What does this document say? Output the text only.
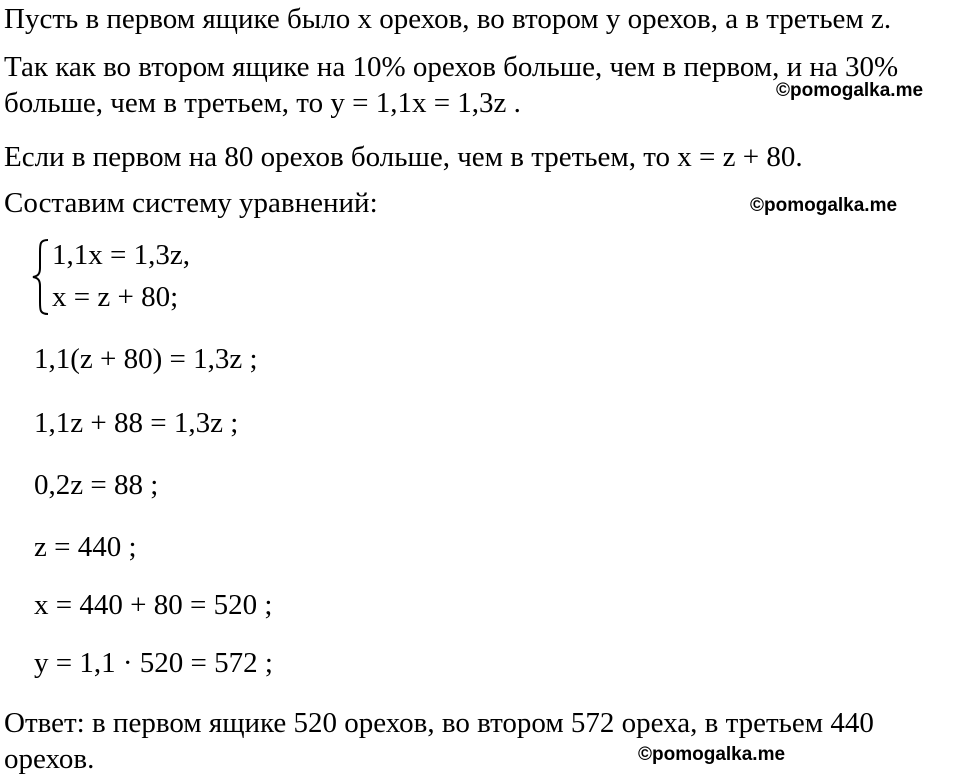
Пусть в первом ящике было x орехов, во втором y орехов, а в третьем z.

Так как во втором ящике на 10% орехов больше, чем в первом, и на 30%

больше, чем в третьем, то y = 1,1x = 1,3z .	©pomogalka.me

Если в первом на 80 орехов больше, чем в третьем, то x = z + 80.

Составим систему уравнений:	©pomogalka.me
1,1x = 1,3z,
x = z + 80;
1,1(z + 80) = 1,3z ;
1,1z + 88 = 1,3z ;
0,2z = 88 ;
z = 440 ;
x = 440 + 80 = 520 ;
y = 1,1 · 520 = 572 ;

Ответ: в первом ящике 520 орехов, во втором 572 ореха, в третьем 440

орехов.	©pomogalka.me
